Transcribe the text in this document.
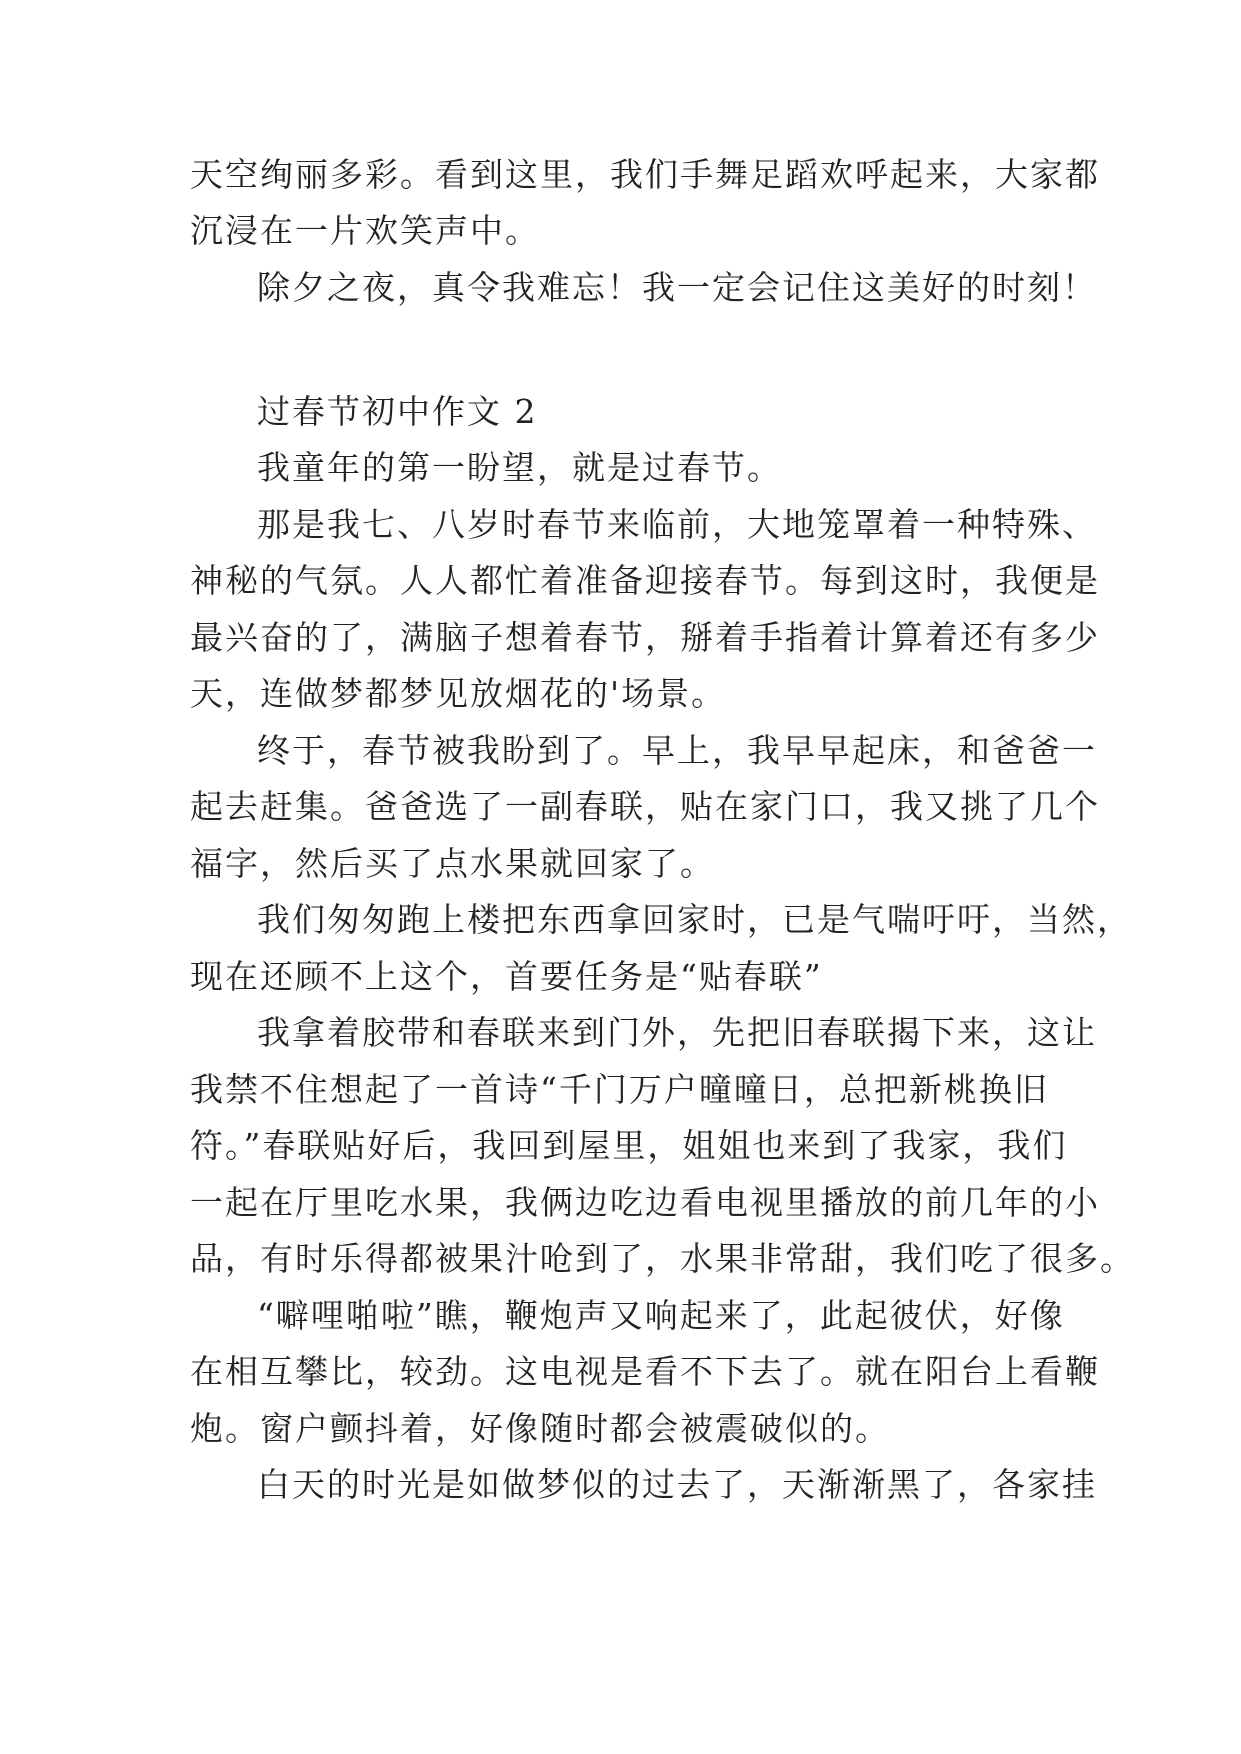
天空绚丽多彩。看到这里，我们手舞足蹈欢呼起来，大家都
沉浸在一片欢笑声中。
除夕之夜，真令我难忘！我一定会记住这美好的时刻！
过春节初中作文 2
我童年的第一盼望，就是过春节。
那是我七、八岁时春节来临前，大地笼罩着一种特殊、
神秘的气氛。人人都忙着准备迎接春节。每到这时，我便是
最兴奋的了，满脑子想着春节，掰着手指着计算着还有多少
天，连做梦都梦见放烟花的'场景。
终于，春节被我盼到了。早上，我早早起床，和爸爸一
起去赶集。爸爸选了一副春联，贴在家门口，我又挑了几个
福字，然后买了点水果就回家了。
我们匆匆跑上楼把东西拿回家时，已是气喘吁吁，当然，
现在还顾不上这个，首要任务是“贴春联”
我拿着胶带和春联来到门外，先把旧春联揭下来，这让
我禁不住想起了一首诗“千门万户曈曈日，总把新桃换旧
符。”春联贴好后，我回到屋里，姐姐也来到了我家，我们
一起在厅里吃水果，我俩边吃边看电视里播放的前几年的小
品，有时乐得都被果汁呛到了，水果非常甜，我们吃了很多。
“噼哩啪啦”瞧，鞭炮声又响起来了，此起彼伏，好像
在相互攀比，较劲。这电视是看不下去了。就在阳台上看鞭
炮。窗户颤抖着，好像随时都会被震破似的。
白天的时光是如做梦似的过去了，天渐渐黑了，各家挂
